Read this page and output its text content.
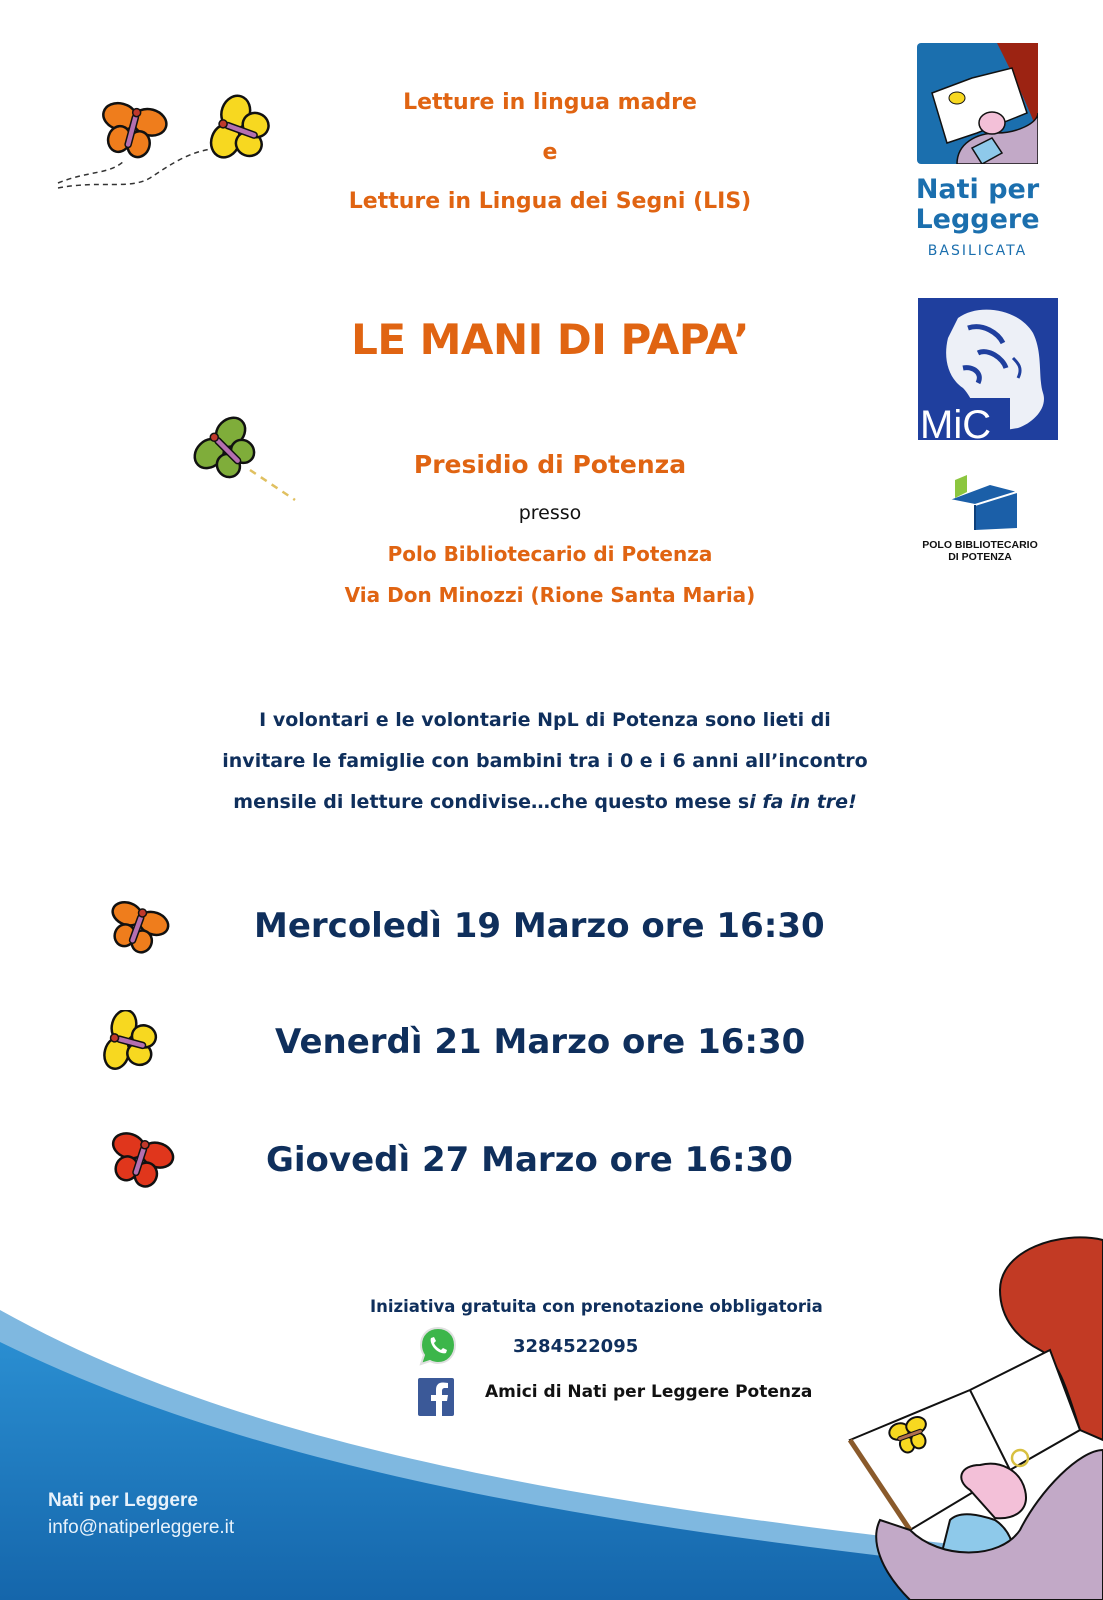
Letture in lingua madre
e
Letture in Lingua dei Segni (LIS)
LE MANI DI PAPA’
Presidio di Potenza
presso
Polo Bibliotecario di Potenza
Via Don Minozzi (Rione Santa Maria)
I volontari e le volontarie NpL di Potenza sono lieti di
invitare le famiglie con bambini tra i 0 e i 6 anni all’incontro
mensile di letture condivise…che questo mese si fa in tre!
Mercoledì 19 Marzo ore 16:30
Venerdì 21 Marzo ore 16:30
Giovedì 27 Marzo ore 16:30
Iniziativa gratuita con prenotazione obbligatoria
3284522095
Amici di Nati per Leggere Potenza
Nati per Leggere
info@natiperleggere.it
Nati per
Leggere
BASILICATA
MiC
POLO BIBLIOTECARIO
DI POTENZA
